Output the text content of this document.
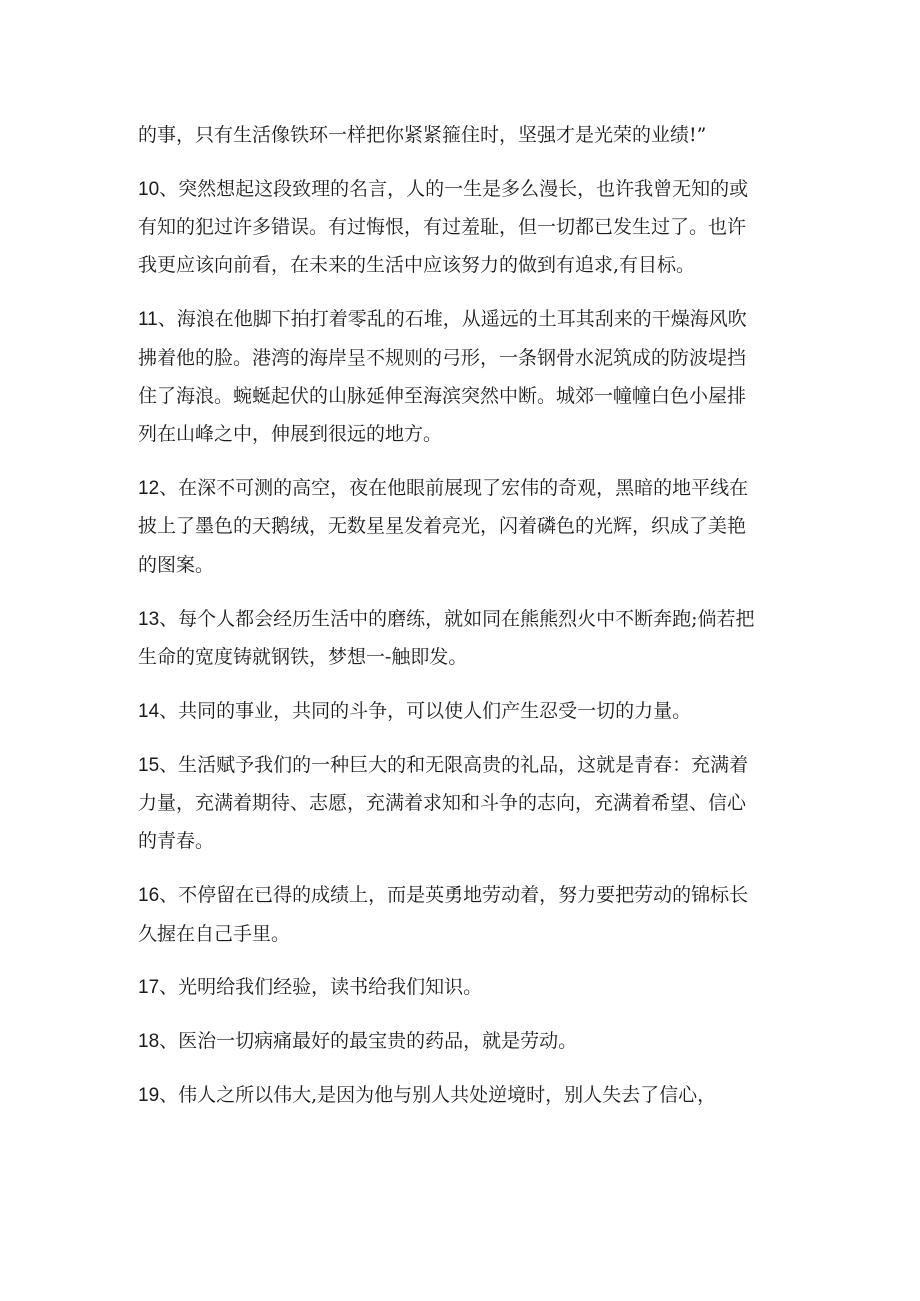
的事，只有生活像铁环一样把你紧紧箍住时，坚强才是光荣的业绩!”
10、突然想起这段致理的名言，人的一生是多么漫长，也许我曾无知的或
有知的犯过许多错误。有过悔恨，有过羞耻，但一切都已发生过了。也许
我更应该向前看，在未来的生活中应该努力的做到有追求,有目标。
11、海浪在他脚下拍打着零乱的石堆，从遥远的土耳其刮来的干燥海风吹
拂着他的脸。港湾的海岸呈不规则的弓形，一条钢骨水泥筑成的防波堤挡
住了海浪。蜿蜒起伏的山脉延伸至海滨突然中断。城郊一幢幢白色小屋排
列在山峰之中，伸展到很远的地方。
12、在深不可测的高空，夜在他眼前展现了宏伟的奇观，黑暗的地平线在
披上了墨色的天鹅绒，无数星星发着亮光，闪着磷色的光辉，织成了美艳
的图案。
13、每个人都会经历生活中的磨练，就如同在熊熊烈火中不断奔跑;倘若把
生命的宽度铸就钢铁，梦想一-触即发。
14、共同的事业，共同的斗争，可以使人们产生忍受一切的力量。
15、生活赋予我们的一种巨大的和无限高贵的礼品，这就是青春：充满着
力量，充满着期待、志愿，充满着求知和斗争的志向，充满着希望、信心
的青春。
16、不停留在已得的成绩上，而是英勇地劳动着，努力要把劳动的锦标长
久握在自己手里。
17、光明给我们经验，读书给我们知识。
18、医治一切病痛最好的最宝贵的药品，就是劳动。
19、伟人之所以伟大,是因为他与别人共处逆境时，别人失去了信心，
